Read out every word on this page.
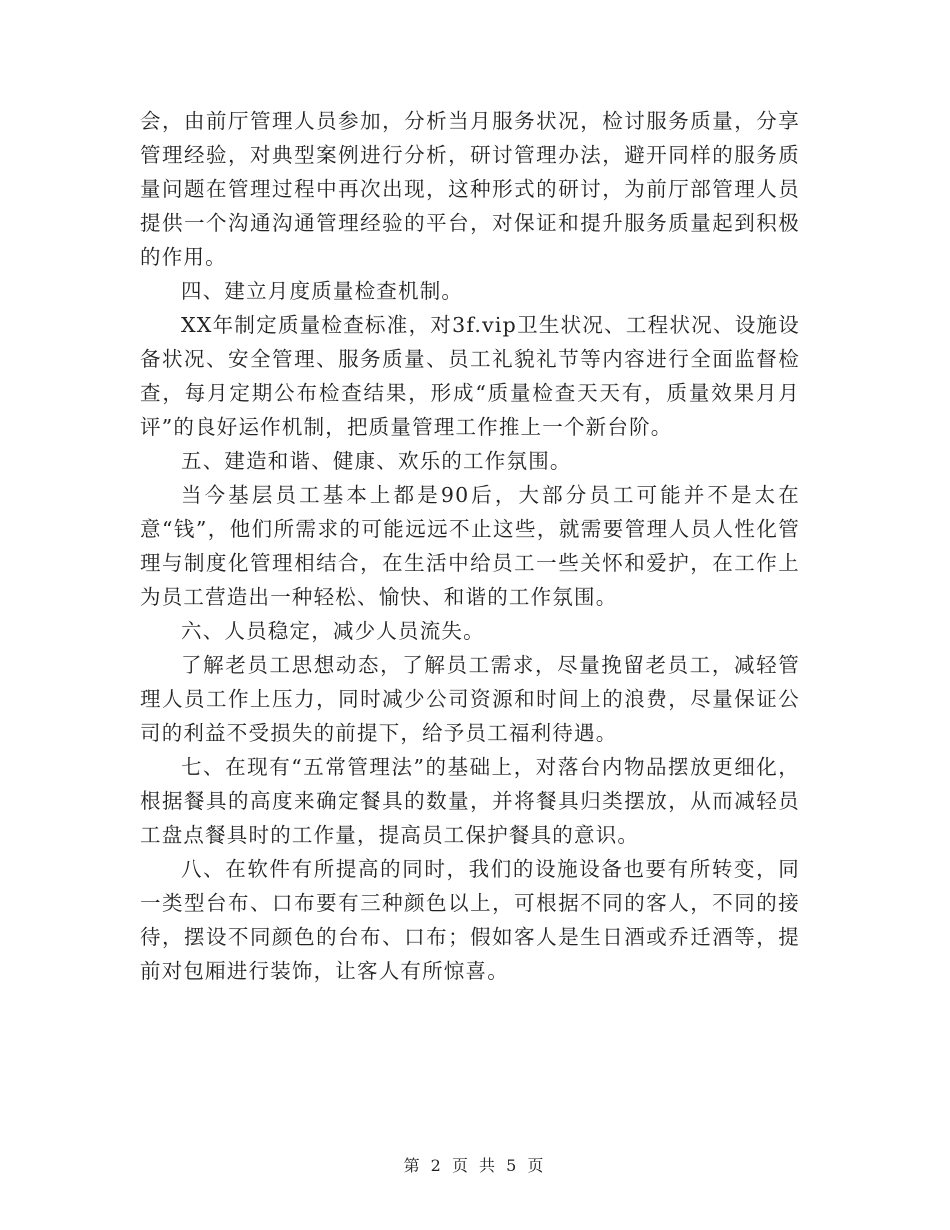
会，由前厅管理人员参加，分析当月服务状况，检讨服务质量，分享管理经验，对典型案例进行分析，研讨管理办法，避开同样的服务质量问题在管理过程中再次出现，这种形式的研讨，为前厅部管理人员提供一个沟通沟通管理经验的平台，对保证和提升服务质量起到积极的作用。

四、建立月度质量检查机制。

XX年制定质量检查标准，对3f.vip卫生状况、工程状况、设施设备状况、安全管理、服务质量、员工礼貌礼节等内容进行全面监督检查，每月定期公布检查结果，形成“质量检查天天有，质量效果月月评”的良好运作机制，把质量管理工作推上一个新台阶。

五、建造和谐、健康、欢乐的工作氛围。

当今基层员工基本上都是90后，大部分员工可能并不是太在意“钱”，他们所需求的可能远远不止这些，就需要管理人员人性化管理与制度化管理相结合，在生活中给员工一些关怀和爱护，在工作上为员工营造出一种轻松、愉快、和谐的工作氛围。

六、人员稳定，减少人员流失。

了解老员工思想动态，了解员工需求，尽量挽留老员工，减轻管理人员工作上压力，同时减少公司资源和时间上的浪费，尽量保证公司的利益不受损失的前提下，给予员工福利待遇。

七、在现有“五常管理法”的基础上，对落台内物品摆放更细化，根据餐具的高度来确定餐具的数量，并将餐具归类摆放，从而减轻员工盘点餐具时的工作量，提高员工保护餐具的意识。

八、在软件有所提高的同时，我们的设施设备也要有所转变，同一类型台布、口布要有三种颜色以上，可根据不同的客人，不同的接待，摆设不同颜色的台布、口布；假如客人是生日酒或乔迁酒等，提前对包厢进行装饰，让客人有所惊喜。

第 2 页 共 5 页
